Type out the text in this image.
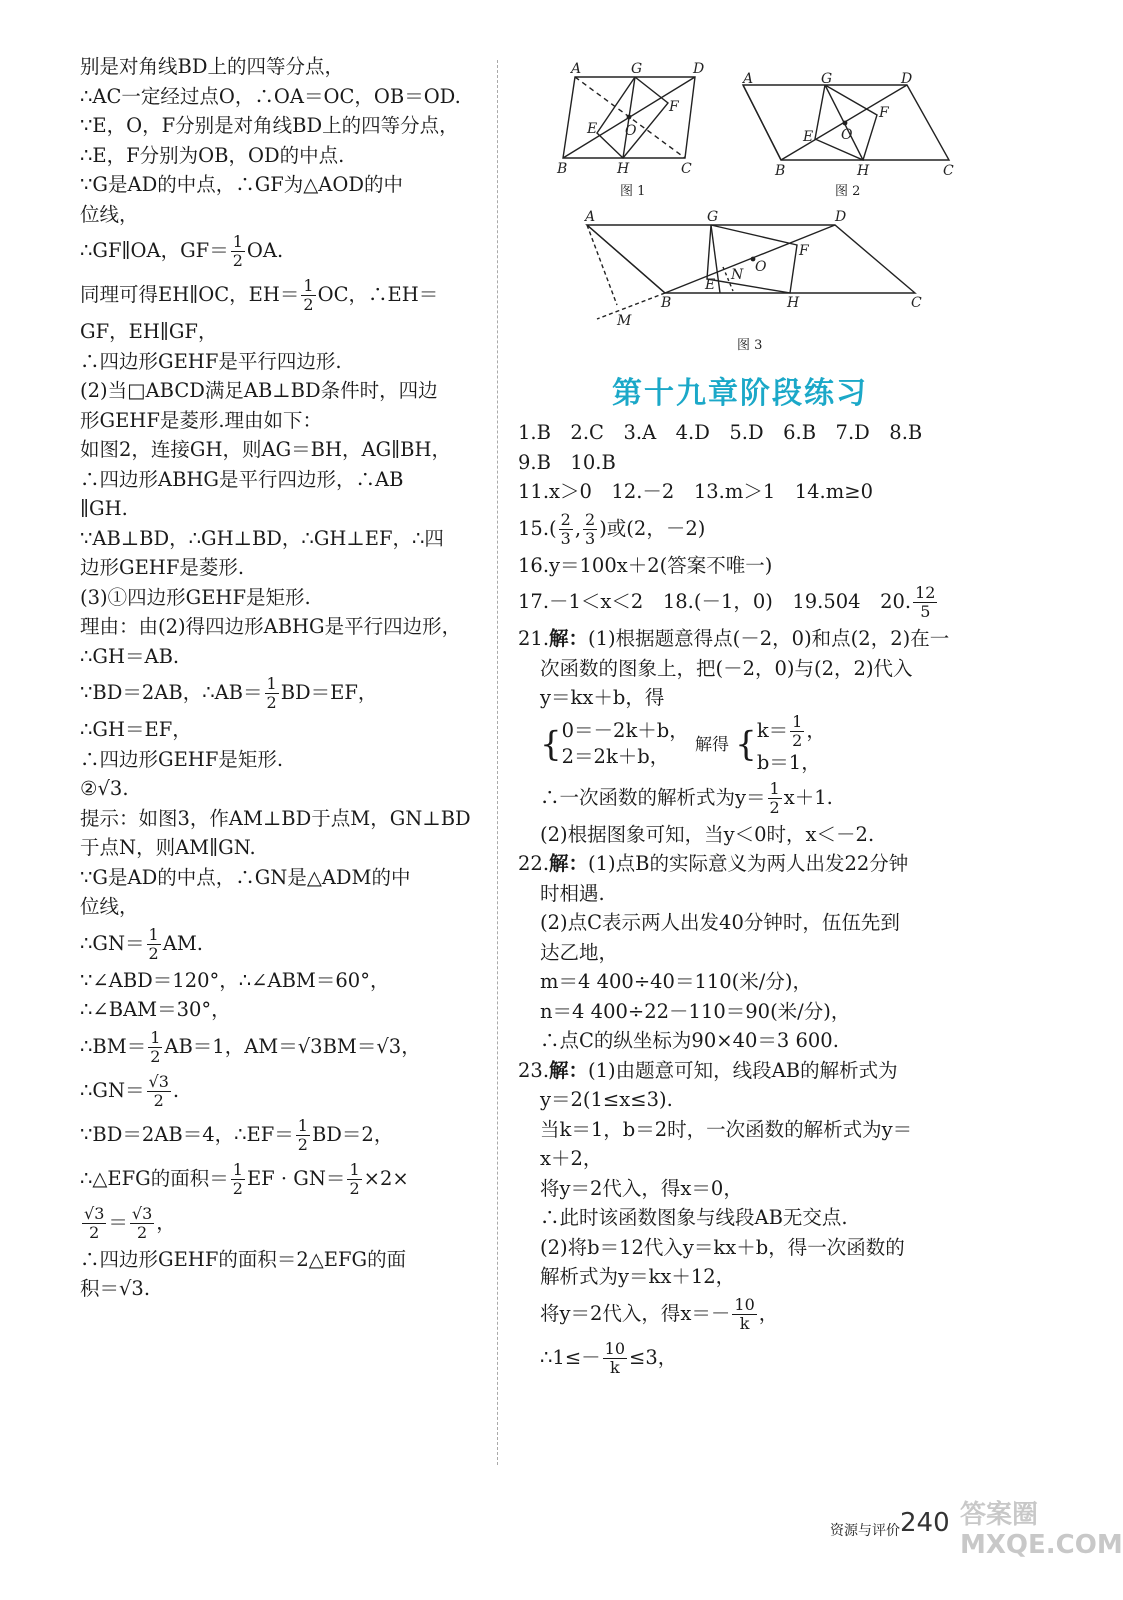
别是对角线BD上的四等分点，
∴AC一定经过点O，∴OA＝OC，OB＝OD.
∵E，O，F分别是对角线BD上的四等分点，
∴E，F分别为OB，OD的中点.
∵G是AD的中点，∴GF为△AOD的中
位线，
∴GF∥OA，$GF= \frac{1}{2}$ OA.
同理可得EH∥OC，$EH= \frac{1}{2}$ OC，∴EH＝
GF，EH∥GF，
∴四边形GEHF是平行四边形.
(2)当□ABCD满足AB⊥BD条件时，四边
形GEHF是菱形.理由如下：
如图2，连接GH，则AG＝BH，AG∥BH，
∴四边形ABHG是平行四边形，∴AB
∥GH.
∵AB⊥BD，∴GH⊥BD，∴GH⊥EF，∴四
边形GEHF是菱形.
(3)①四边形GEHF是矩形.
理由：由(2)得四边形ABHG是平行四边形，
∴GH＝AB.
∵BD＝2AB，∴AB＝ $\frac{1}{2} BD=EF$，
∴GH＝EF，
∴四边形GEHF是矩形.
②√3.
提示：如图3，作AM⊥BD于点M，GN⊥BD
于点N，则AM∥GN.
∵G是AD的中点，∴GN是△ADM的中
位线，
∴GN＝ $\frac{1}{2}$ AM.
∵∠ABD＝120°，∴∠ABM＝60°，
∴∠BAM＝30°，
∴BM＝ $\frac{1}{2} AB=1$，AM＝√3BM＝√3，
∴GN＝ $\frac{√3}{2}$ .
∵BD＝2AB＝4，∴EF＝ $\frac{1}{2} BD=2$，
∴△EFG的面积＝ $\frac{1}{2}$ EF · $GN= \frac{1}{2} \times 2\times$
$\frac{√3}{2} = \frac{√3}{2}$ ，
∴四边形GEHF的面积＝2△EFG的面
积＝√3.
A	G	D
B	H	C
E
F
O
图 1
A	G	D
B	H	C
E
F
O
图 2
A	G	D
B	H	C
E
F
O
N
M
图 3
第十九章阶段练习
1.B　2.C　3.A　4.D　5.D　6.B　7.D　8.B
9.B　10.B
11.x＞0　12.－2　13.m＞1　14.m≥0
$15.( \frac{2}{3}$ , $\frac{2}{3}$ )或(2，－2)
16.y＝100x＋2(答案不唯一)
17.－1＜x＜2　18.(－1，0)　19.504　20. $\frac{12}{5}$
21.解：(1)根据题意得点(－2，0)和点(2，2)在一
次函数的图象上，把(－2，0)与(2，2)代入
y＝kx＋b，得
{ 0＝－2k＋b，
2＝2k＋b，
解得 { $k= \frac{1}{2}$ ，
b＝1，
∴一次函数的解析式为$y= \frac{1}{2} x+1$.
(2)根据图象可知，当y＜0时，x＜－2.
22.解：(1)点B的实际意义为两人出发22分钟
时相遇.
(2)点C表示两人出发40分钟时，伍伍先到
达乙地，
m＝4 400÷40＝110(米/分)，
n＝4 400÷22－110＝90(米/分)，
∴点C的纵坐标为90×40＝3 600.
23.解：(1)由题意可知，线段AB的解析式为
y＝2(1≤x≤3).
当k＝1，b＝2时，一次函数的解析式为y＝
x＋2，
将y＝2代入，得x＝0，
∴此时该函数图象与线段AB无交点.
(2)将b＝12代入y＝kx＋b，得一次函数的
解析式为y＝kx＋12，
将y＝2代入，得$x=- \frac{10}{k}$ ，
∴1≤－ $\frac{10}{k} \le 3$，
资源与评价 240 答案圈 MXQE.COM
